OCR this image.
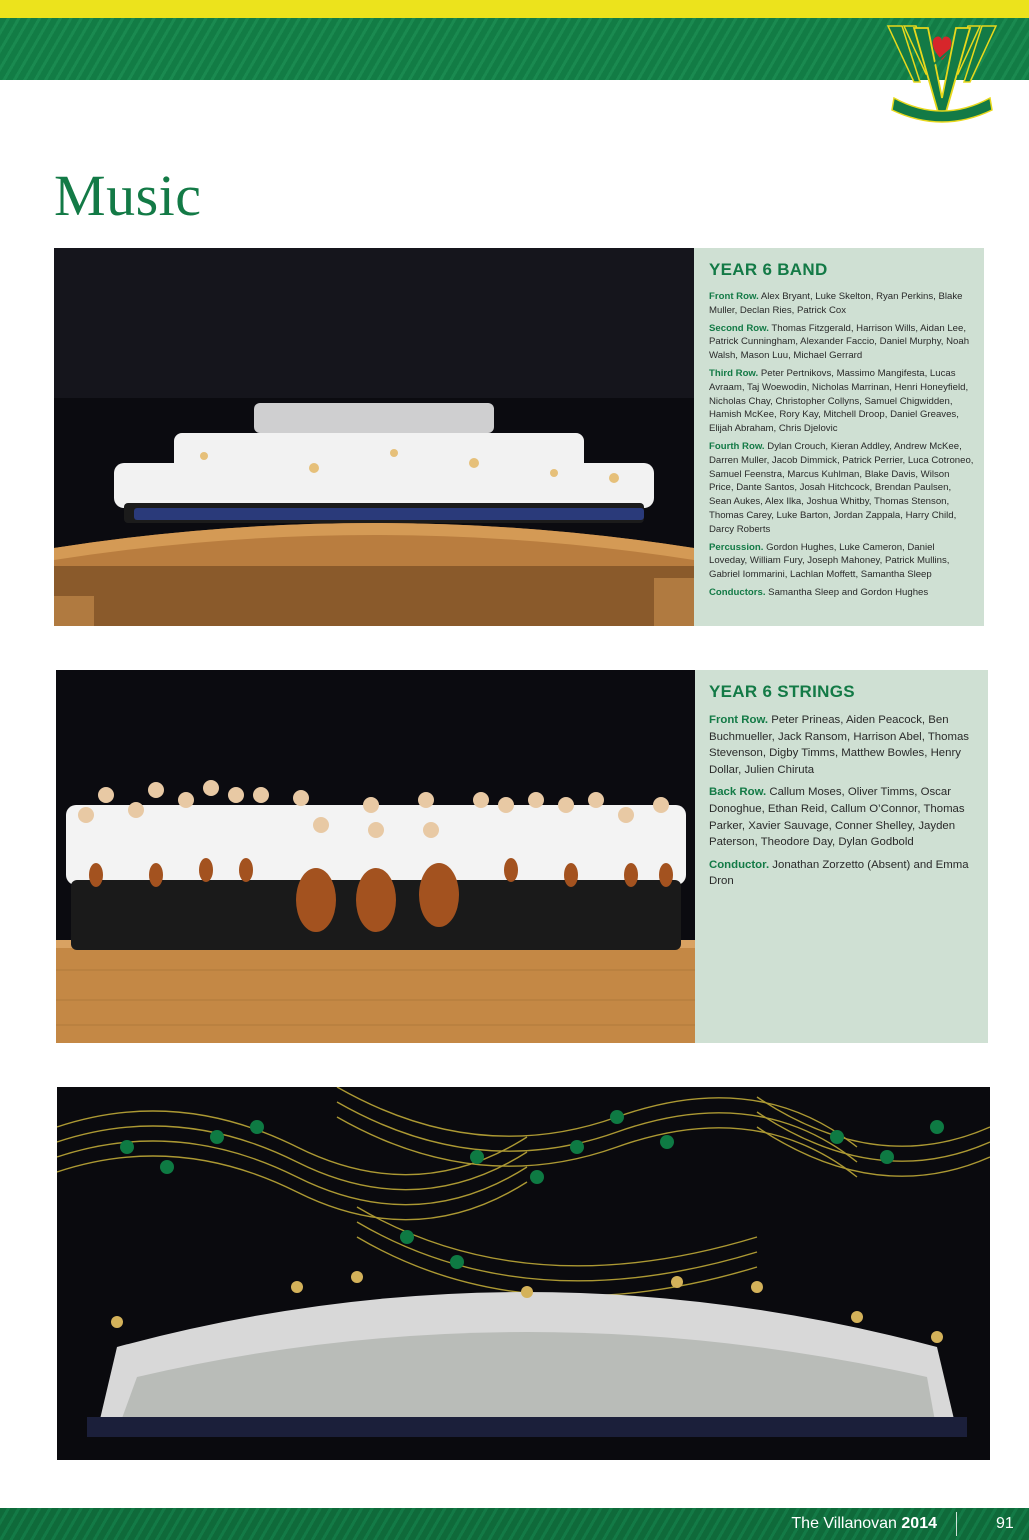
Music
YEAR 6 BAND

Front Row. Alex Bryant, Luke Skelton, Ryan Perkins, Blake Muller, Declan Ries, Patrick Cox

Second Row. Thomas Fitzgerald, Harrison Wills, Aidan Lee, Patrick Cunningham, Alexander Faccio, Daniel Murphy, Noah Walsh, Mason Luu, Michael Gerrard

Third Row. Peter Pertnikovs, Massimo Mangifesta, Lucas Avraam, Taj Woewodin, Nicholas Marrinan, Henri Honeyfield, Nicholas Chay, Christopher Collyns, Samuel Chigwidden, Hamish McKee, Rory Kay, Mitchell Droop, Daniel Greaves, Elijah Abraham, Chris Djelovic

Fourth Row. Dylan Crouch, Kieran Addley, Andrew McKee, Darren Muller, Jacob Dimmick, Patrick Perrier, Luca Cotroneo, Samuel Feenstra, Marcus Kuhlman, Blake Davis, Wilson Price, Dante Santos, Josah Hitchcock, Brendan Paulsen, Sean Aukes, Alex Ilka, Joshua Whitby, Thomas Stenson, Thomas Carey, Luke Barton, Jordan Zappala, Harry Child, Darcy Roberts

Percussion. Gordon Hughes, Luke Cameron, Daniel Loveday, William Fury, Joseph Mahoney, Patrick Mullins, Gabriel Iommarini, Lachlan Moffett, Samantha Sleep

Conductors. Samantha Sleep and Gordon Hughes

YEAR 6 STRINGS

Front Row. Peter Prineas, Aiden Peacock, Ben Buchmueller, Jack Ransom, Harrison Abel, Thomas Stevenson, Digby Timms, Matthew Bowles, Henry Dollar, Julien Chiruta

Back Row. Callum Moses, Oliver Timms, Oscar Donoghue, Ethan Reid, Callum O’Connor, Thomas Parker, Xavier Sauvage, Conner Shelley, Jayden Paterson, Theodore Day, Dylan Godbold

Conductor. Jonathan Zorzetto (Absent) and Emma Dron

The Villanovan 2014	91
